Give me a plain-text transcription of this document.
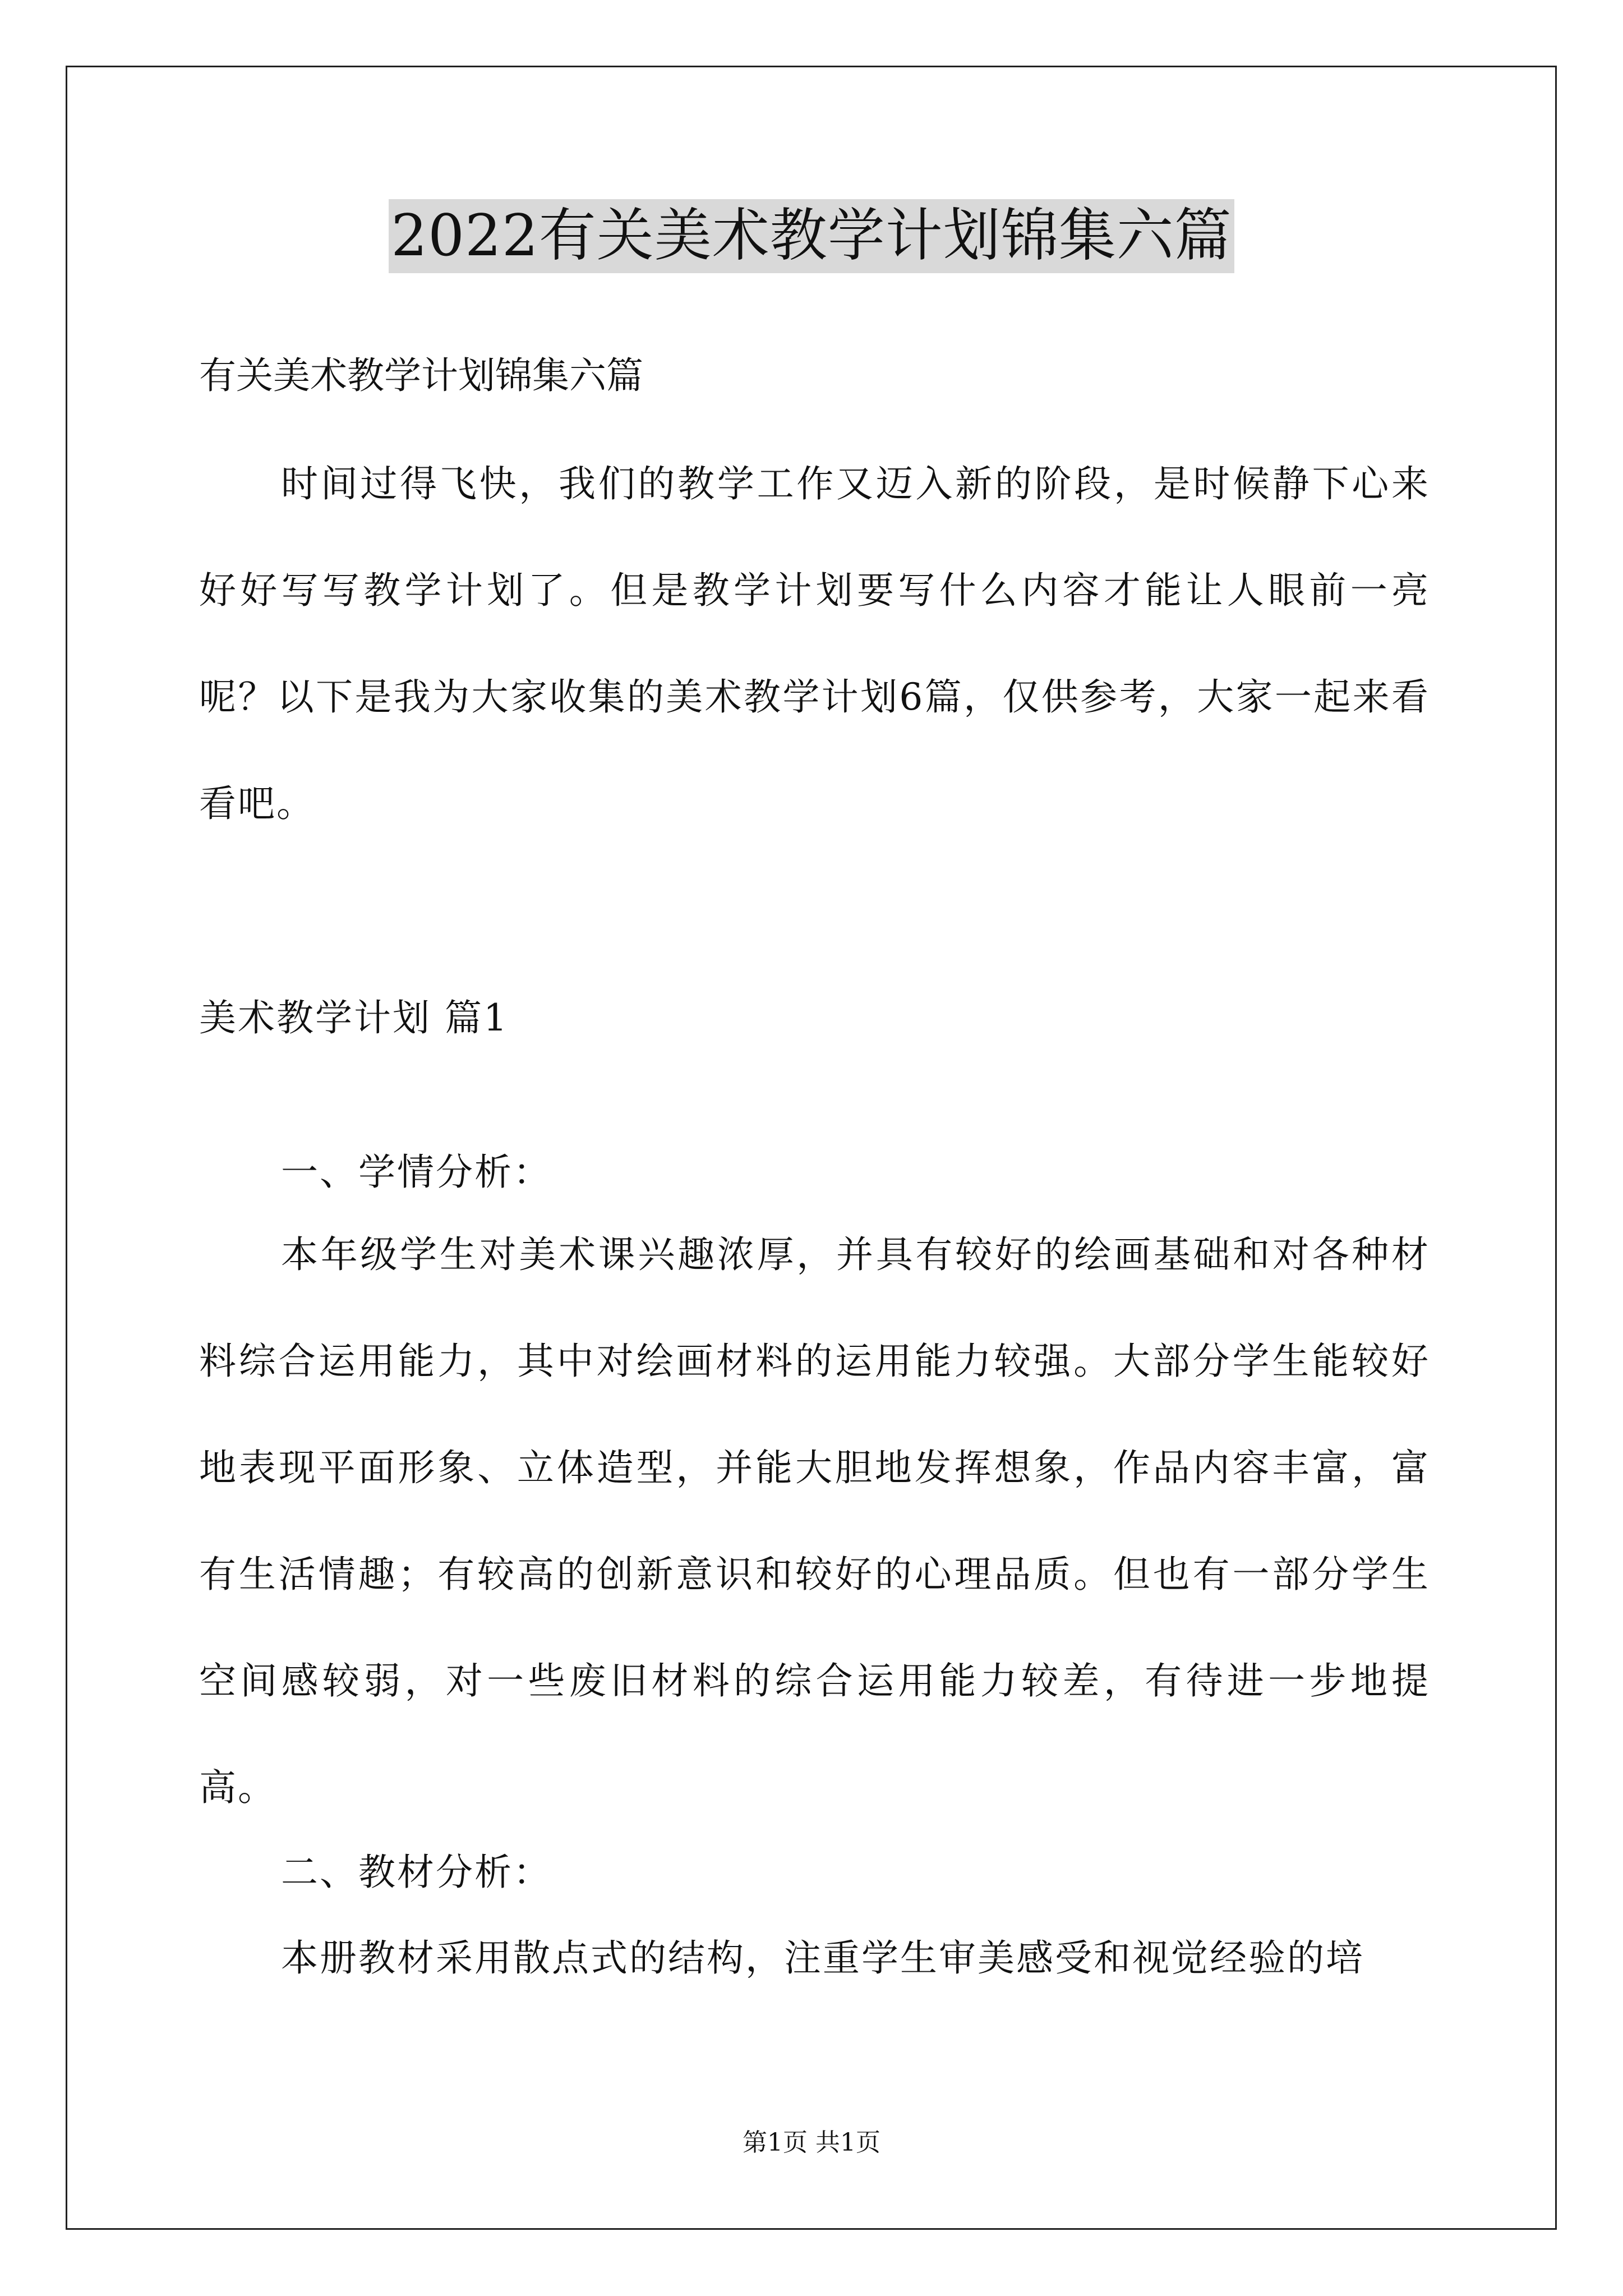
2022有关美术教学计划锦集六篇
有关美术教学计划锦集六篇

时间过得飞快，我们的教学工作又迈入新的阶段，是时候静下心来好好写写教学计划了。但是教学计划要写什么内容才能让人眼前一亮呢？以下是我为大家收集的美术教学计划6篇，仅供参考，大家一起来看看吧。

美术教学计划 篇1
一、学情分析：

本年级学生对美术课兴趣浓厚，并具有较好的绘画基础和对各种材料综合运用能力，其中对绘画材料的运用能力较强。大部分学生能较好地表现平面形象、立体造型，并能大胆地发挥想象，作品内容丰富，富有生活情趣；有较高的创新意识和较好的心理品质。但也有一部分学生空间感较弱，对一些废旧材料的综合运用能力较差，有待进一步地提高。

二、教材分析：

本册教材采用散点式的结构，注重学生审美感受和视觉经验的培

第1页 共1页
